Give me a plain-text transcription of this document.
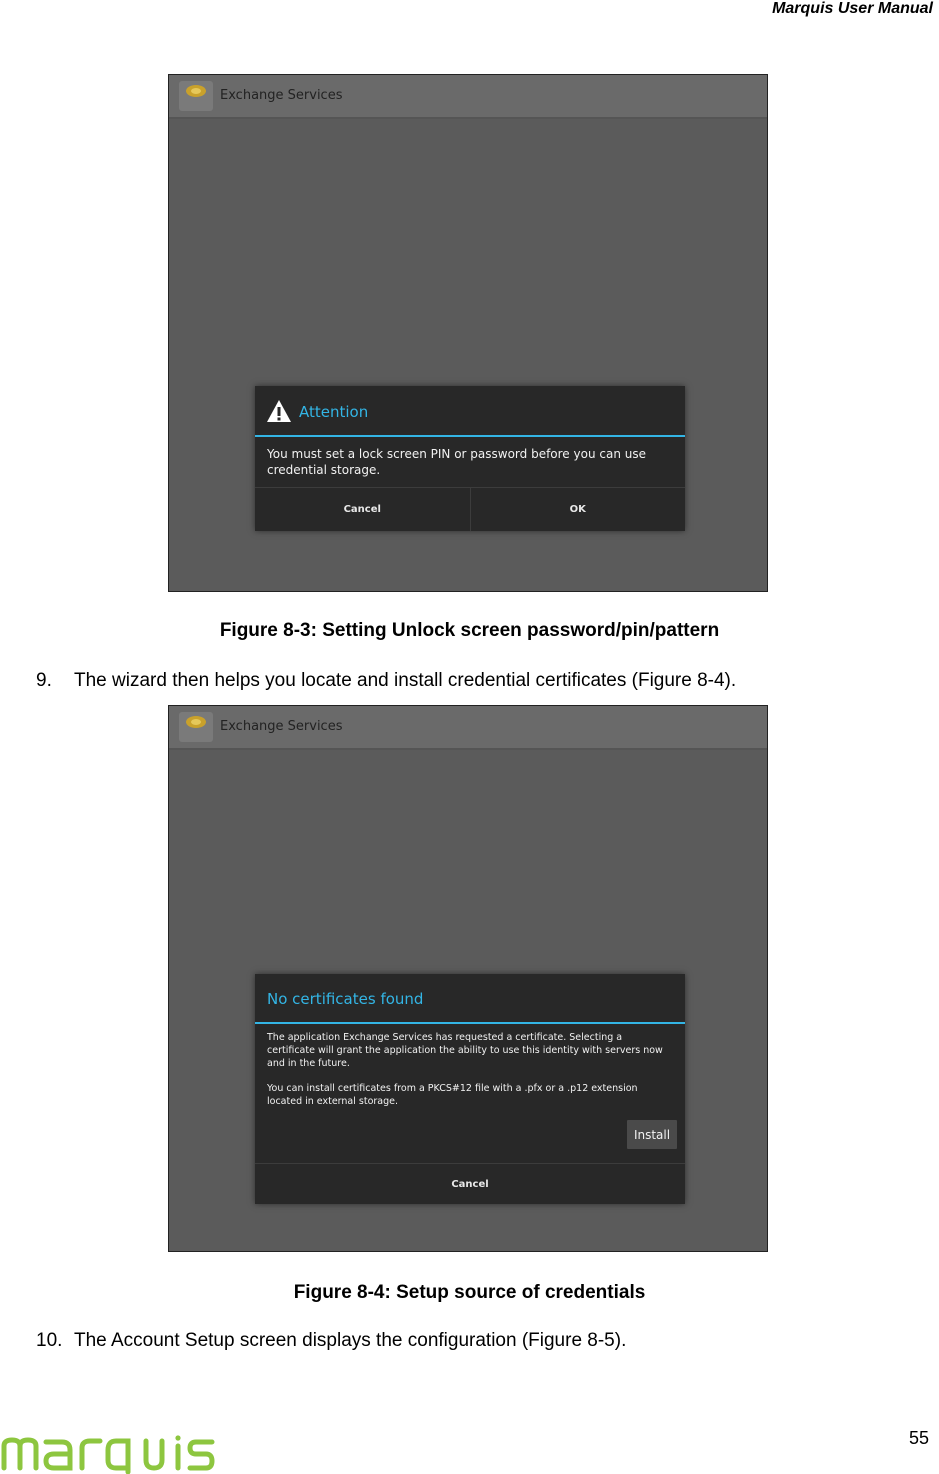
Marquis User Manual
Exchange Services
Attention
You must set a lock screen PIN or password before you can use credential storage.
Cancel	OK
Figure 8-3: Setting Unlock screen password/pin/pattern
9. The wizard then helps you locate and install credential certificates (Figure 8-4).
Exchange Services
No certificates found

The application Exchange Services has requested a certificate. Selecting a certificate will grant the application the ability to use this identity with servers now and in the future.

You can install certificates from a PKCS#12 file with a .pfx or a .p12 extension located in external storage.

Install
Cancel
Figure 8-4: Setup source of credentials
10. The Account Setup screen displays the configuration (Figure 8-5).
55
